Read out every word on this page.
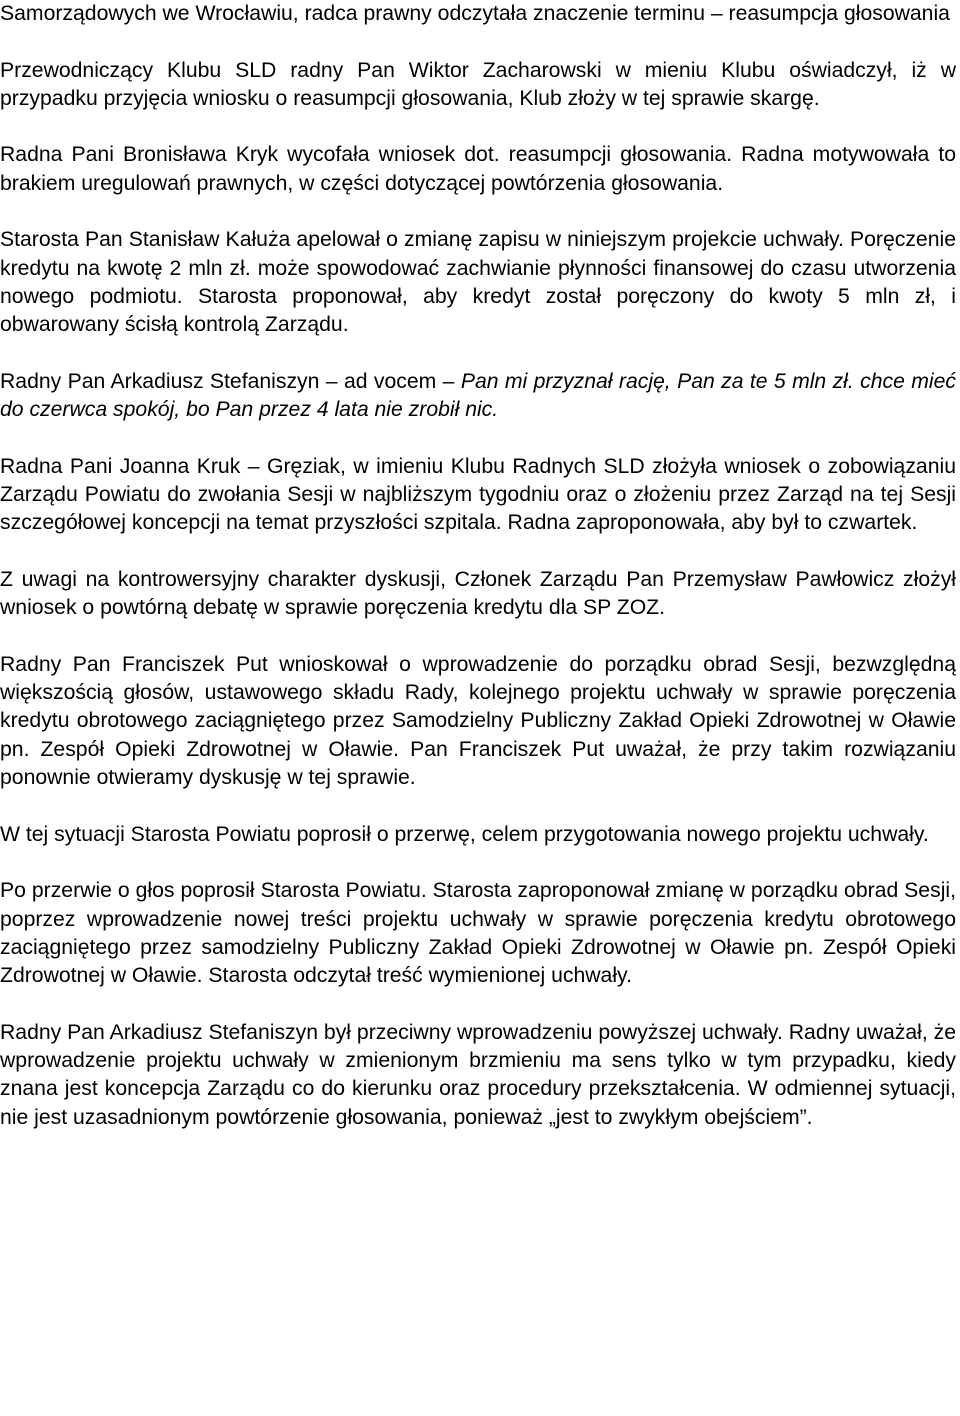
Samorządowych we Wrocławiu, radca prawny odczytała znaczenie terminu – reasumpcja głosowania

Przewodniczący Klubu SLD radny Pan Wiktor Zacharowski w mieniu Klubu oświadczył, iż w przypadku przyjęcia wniosku o reasumpcji głosowania, Klub złoży w tej sprawie skargę.

Radna Pani Bronisława Kryk wycofała wniosek dot. reasumpcji głosowania. Radna motywowała to brakiem uregulowań prawnych, w części dotyczącej powtórzenia głosowania.

Starosta Pan Stanisław Kałuża apelował o zmianę zapisu w niniejszym projekcie uchwały. Poręczenie kredytu na kwotę 2 mln zł. może spowodować zachwianie płynności finansowej do czasu utworzenia nowego podmiotu. Starosta proponował, aby kredyt został poręczony do kwoty 5 mln zł, i obwarowany ścisłą kontrolą Zarządu.

Radny Pan Arkadiusz Stefaniszyn – ad vocem – Pan mi przyznał rację, Pan za te 5 mln zł. chce mieć do czerwca spokój, bo Pan przez 4 lata nie zrobił nic.

Radna Pani Joanna Kruk – Gręziak, w imieniu Klubu Radnych SLD złożyła wniosek o zobowiązaniu Zarządu Powiatu do zwołania Sesji w najbliższym tygodniu oraz o złożeniu przez Zarząd na tej Sesji szczegółowej koncepcji na temat przyszłości szpitala. Radna zaproponowała, aby był to czwartek.

Z uwagi na kontrowersyjny charakter dyskusji, Członek Zarządu Pan Przemysław Pawłowicz złożył wniosek o powtórną debatę w sprawie poręczenia kredytu dla SP ZOZ.

Radny Pan Franciszek Put wnioskował o wprowadzenie do porządku obrad Sesji, bezwzględną większością głosów, ustawowego składu Rady, kolejnego projektu uchwały w sprawie poręczenia kredytu obrotowego zaciągniętego przez Samodzielny Publiczny Zakład Opieki Zdrowotnej w Oławie pn. Zespół Opieki Zdrowotnej w Oławie. Pan Franciszek Put uważał, że przy takim rozwiązaniu ponownie otwieramy dyskusję w tej sprawie.

W tej sytuacji Starosta Powiatu poprosił o przerwę, celem przygotowania nowego projektu uchwały.

Po przerwie o głos poprosił Starosta Powiatu. Starosta zaproponował zmianę w porządku obrad Sesji, poprzez wprowadzenie nowej treści projektu uchwały w sprawie poręczenia kredytu obrotowego zaciągniętego przez samodzielny Publiczny Zakład Opieki Zdrowotnej w Oławie pn. Zespół Opieki Zdrowotnej w Oławie. Starosta odczytał treść wymienionej uchwały.

Radny Pan Arkadiusz Stefaniszyn był przeciwny wprowadzeniu powyższej uchwały. Radny uważał, że wprowadzenie projektu uchwały w zmienionym brzmieniu ma sens tylko w tym przypadku, kiedy znana jest koncepcja Zarządu co do kierunku oraz procedury przekształcenia. W odmiennej sytuacji, nie jest uzasadnionym powtórzenie głosowania, ponieważ „jest to zwykłym obejściem”.
